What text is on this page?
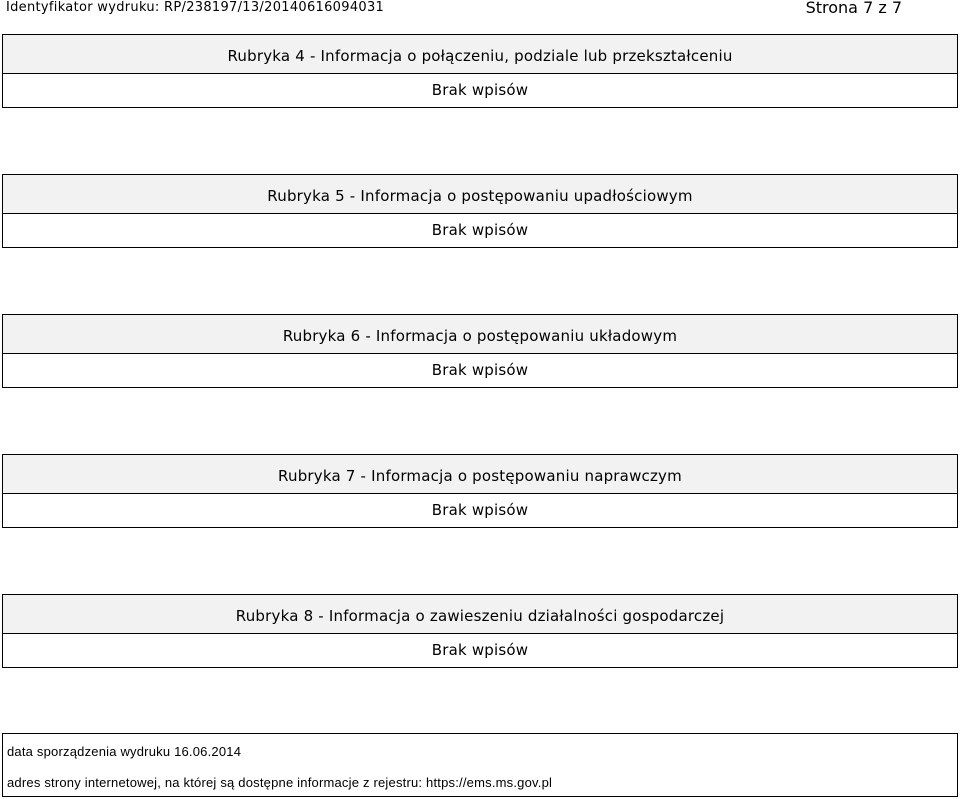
Identyfikator wydruku: RP/238197/13/20140616094031	Strona 7 z 7
Rubryka 4 - Informacja o połączeniu, podziale lub przekształceniu
Brak wpisów
Rubryka 5 - Informacja o postępowaniu upadłościowym
Brak wpisów
Rubryka 6 - Informacja o postępowaniu układowym
Brak wpisów
Rubryka 7 - Informacja o postępowaniu naprawczym
Brak wpisów
Rubryka 8 - Informacja o zawieszeniu działalności gospodarczej
Brak wpisów
data sporządzenia wydruku 16.06.2014
adres strony internetowej, na której są dostępne informacje z rejestru: https://ems.ms.gov.pl
